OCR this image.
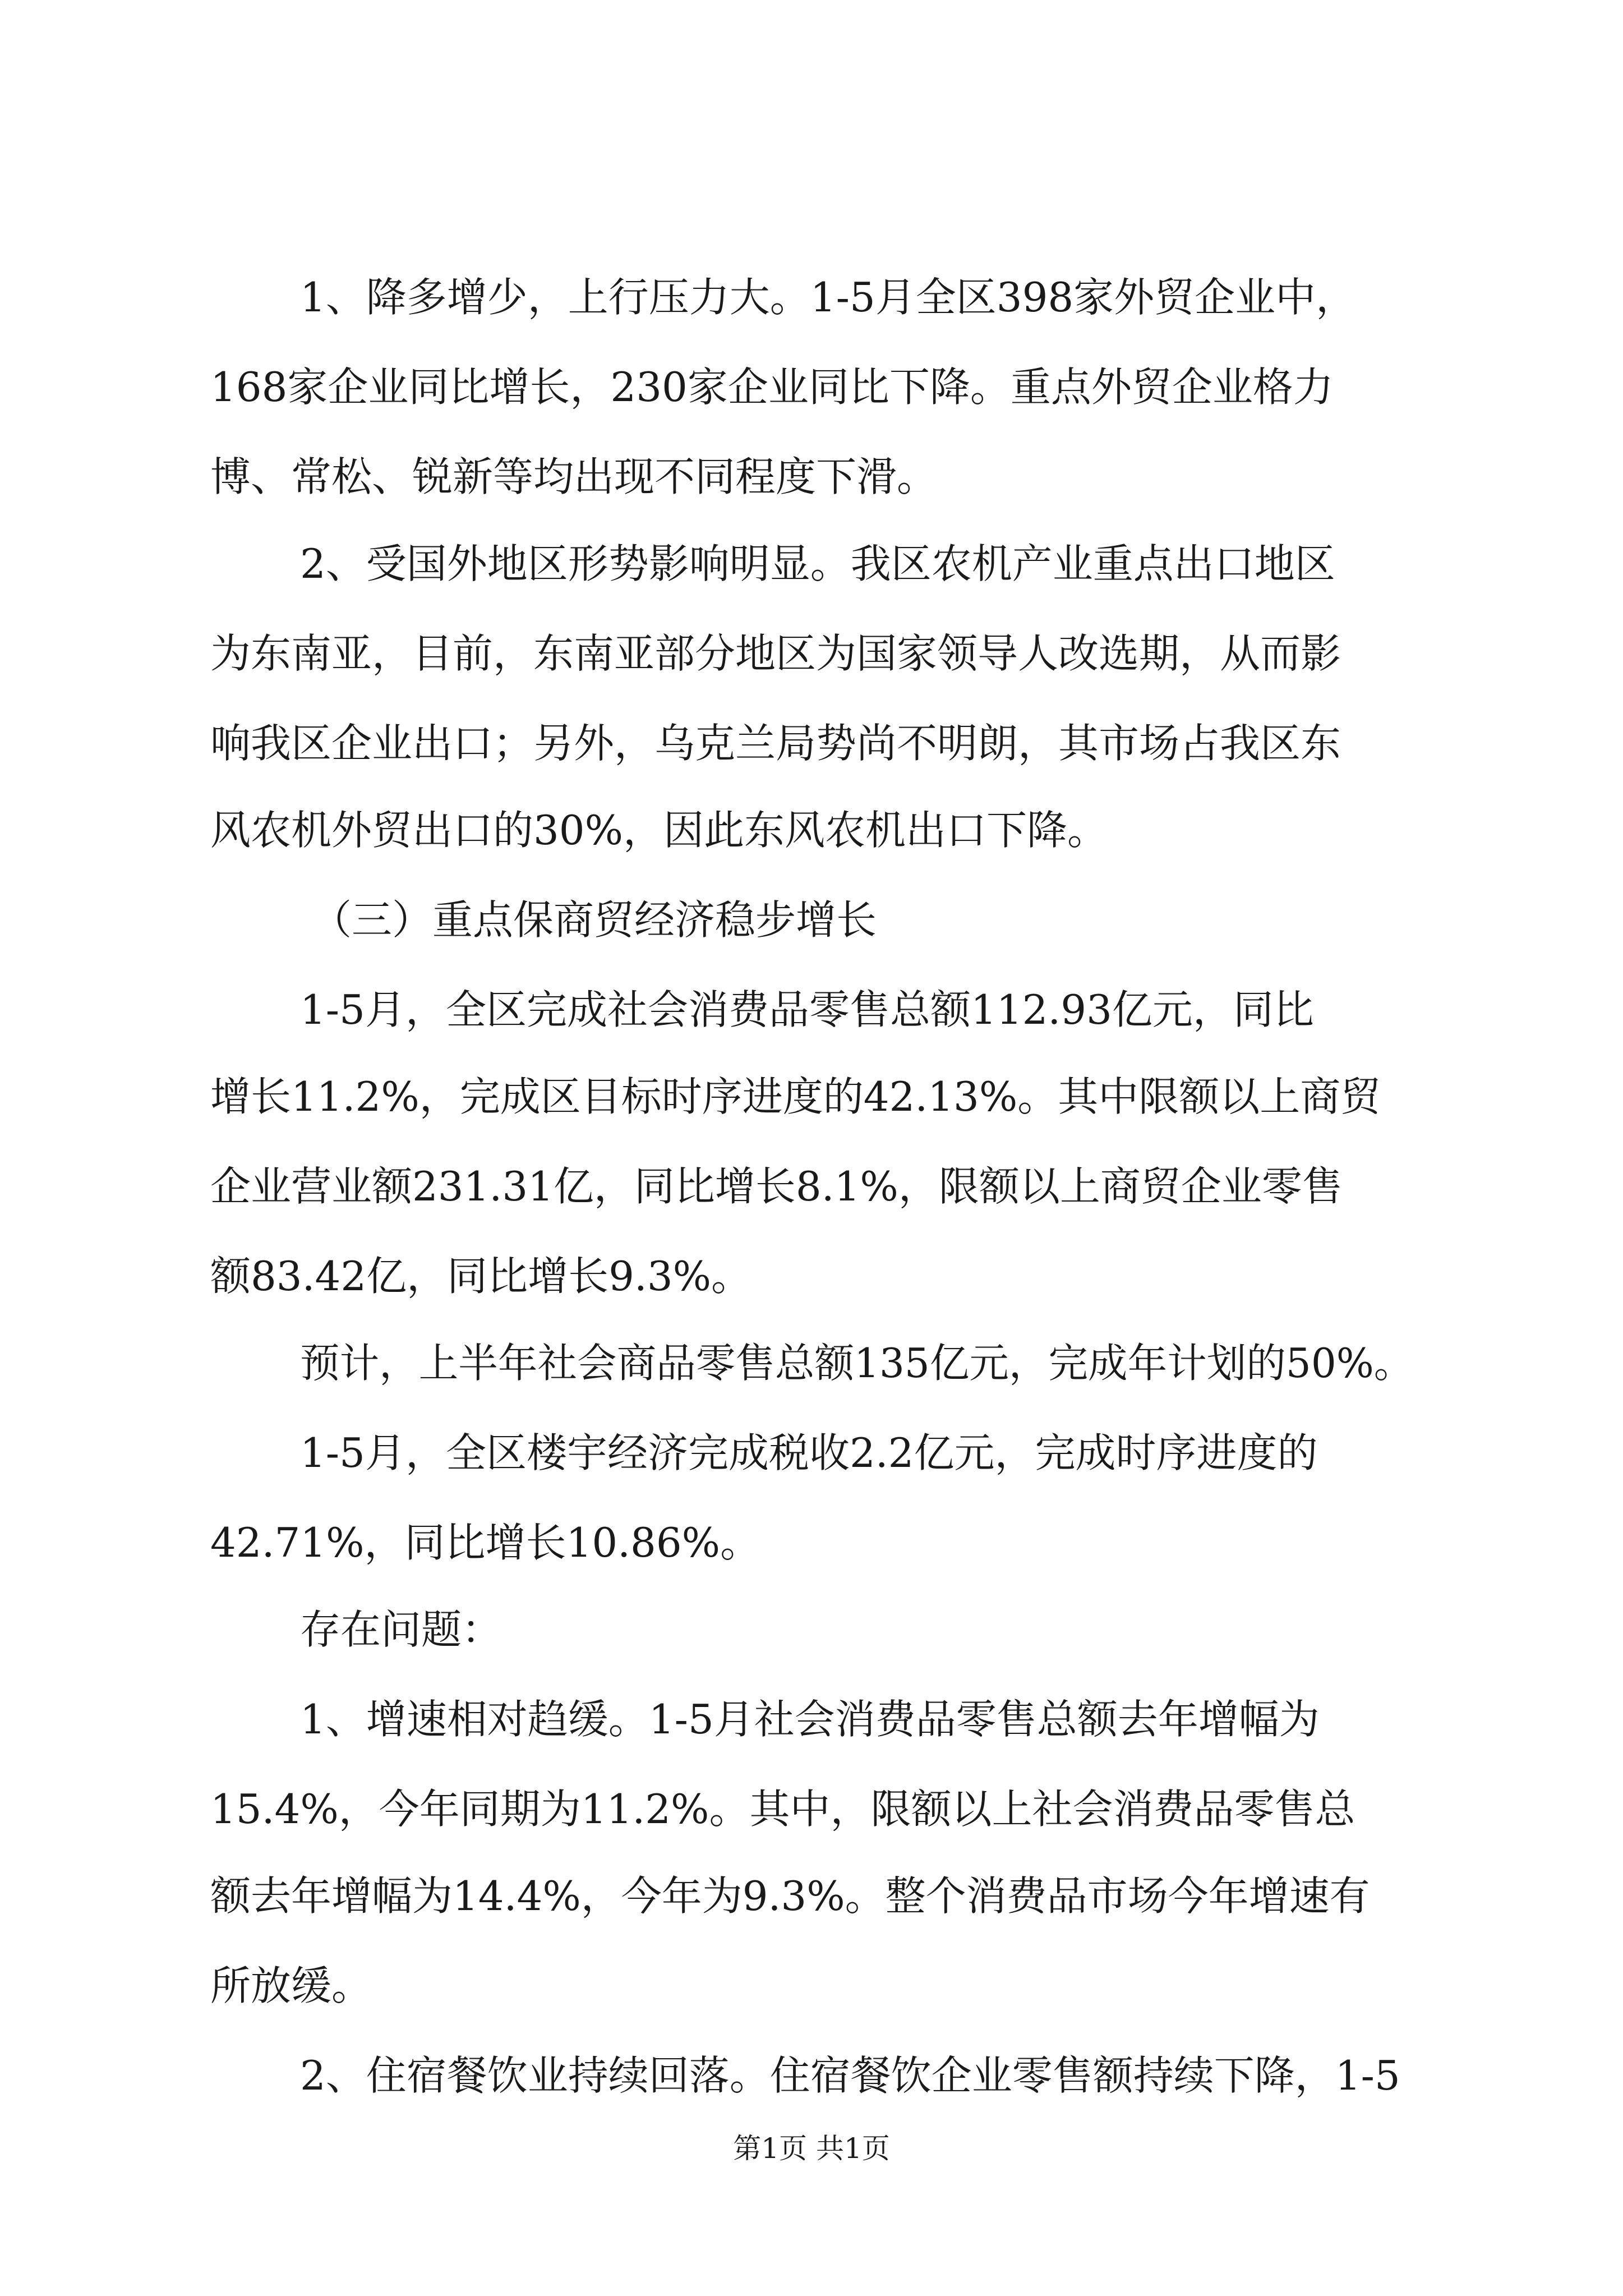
1、降多增少，上行压力大。1-5月全区398家外贸企业中，
168家企业同比增长，230家企业同比下降。重点外贸企业格力
博、常松、锐新等均出现不同程度下滑。
2、受国外地区形势影响明显。我区农机产业重点出口地区
为东南亚，目前，东南亚部分地区为国家领导人改选期，从而影
响我区企业出口；另外，乌克兰局势尚不明朗，其市场占我区东
风农机外贸出口的30%，因此东风农机出口下降。
（三）重点保商贸经济稳步增长
1-5月，全区完成社会消费品零售总额112.93亿元，同比
增长11.2%，完成区目标时序进度的42.13%。其中限额以上商贸
企业营业额231.31亿，同比增长8.1%，限额以上商贸企业零售
额83.42亿，同比增长9.3%。
预计，上半年社会商品零售总额135亿元，完成年计划的50%。
1-5月，全区楼宇经济完成税收2.2亿元，完成时序进度的
42.71%，同比增长10.86%。
存在问题：
1、增速相对趋缓。1-5月社会消费品零售总额去年增幅为
15.4%，今年同期为11.2%。其中，限额以上社会消费品零售总
额去年增幅为14.4%，今年为9.3%。整个消费品市场今年增速有
所放缓。
2、住宿餐饮业持续回落。住宿餐饮企业零售额持续下降，1-5
第1页 共1页
